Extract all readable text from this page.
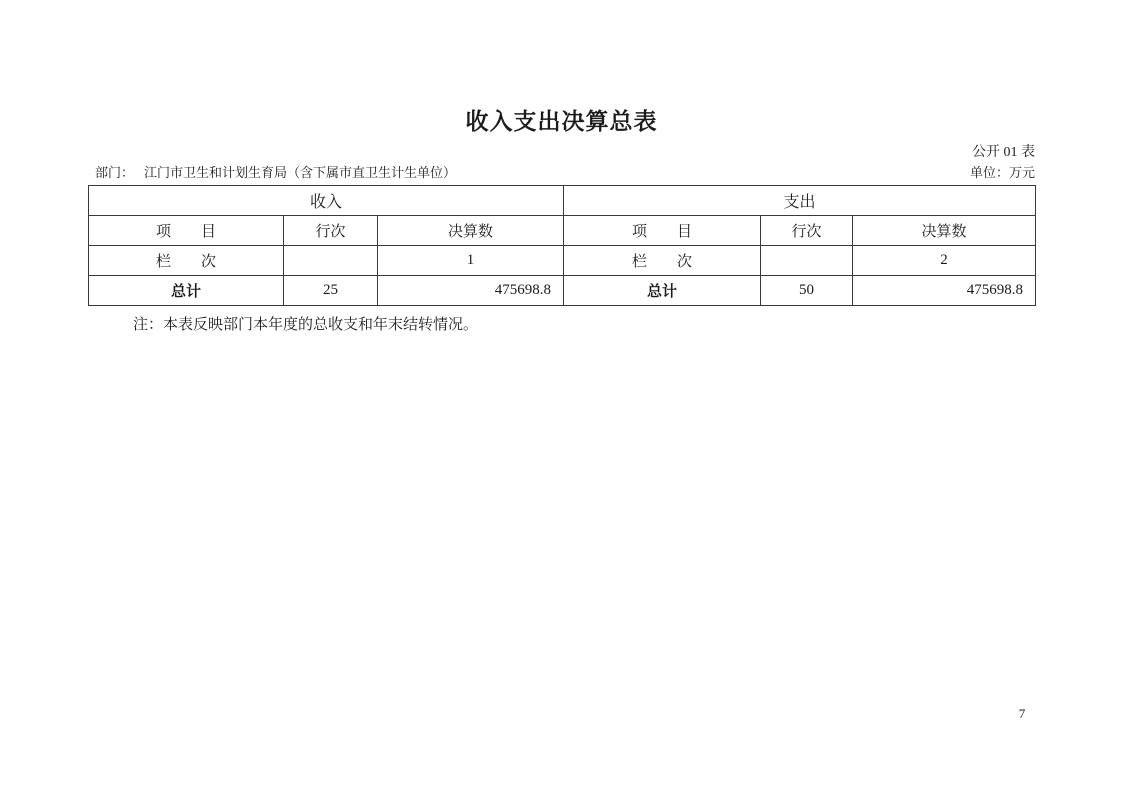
收入支出决算总表
公开 01 表
部门： 江门市卫生和计划生育局（含下属市直卫生计生单位）	单位：万元
收入			支出		
项　　目	行次	决算数	项　　目	行次	决算数
栏　　次		1	栏　　次		2
总计	25	475698.8	总计	50	475698.8
注：本表反映部门本年度的总收支和年末结转情况。
7
